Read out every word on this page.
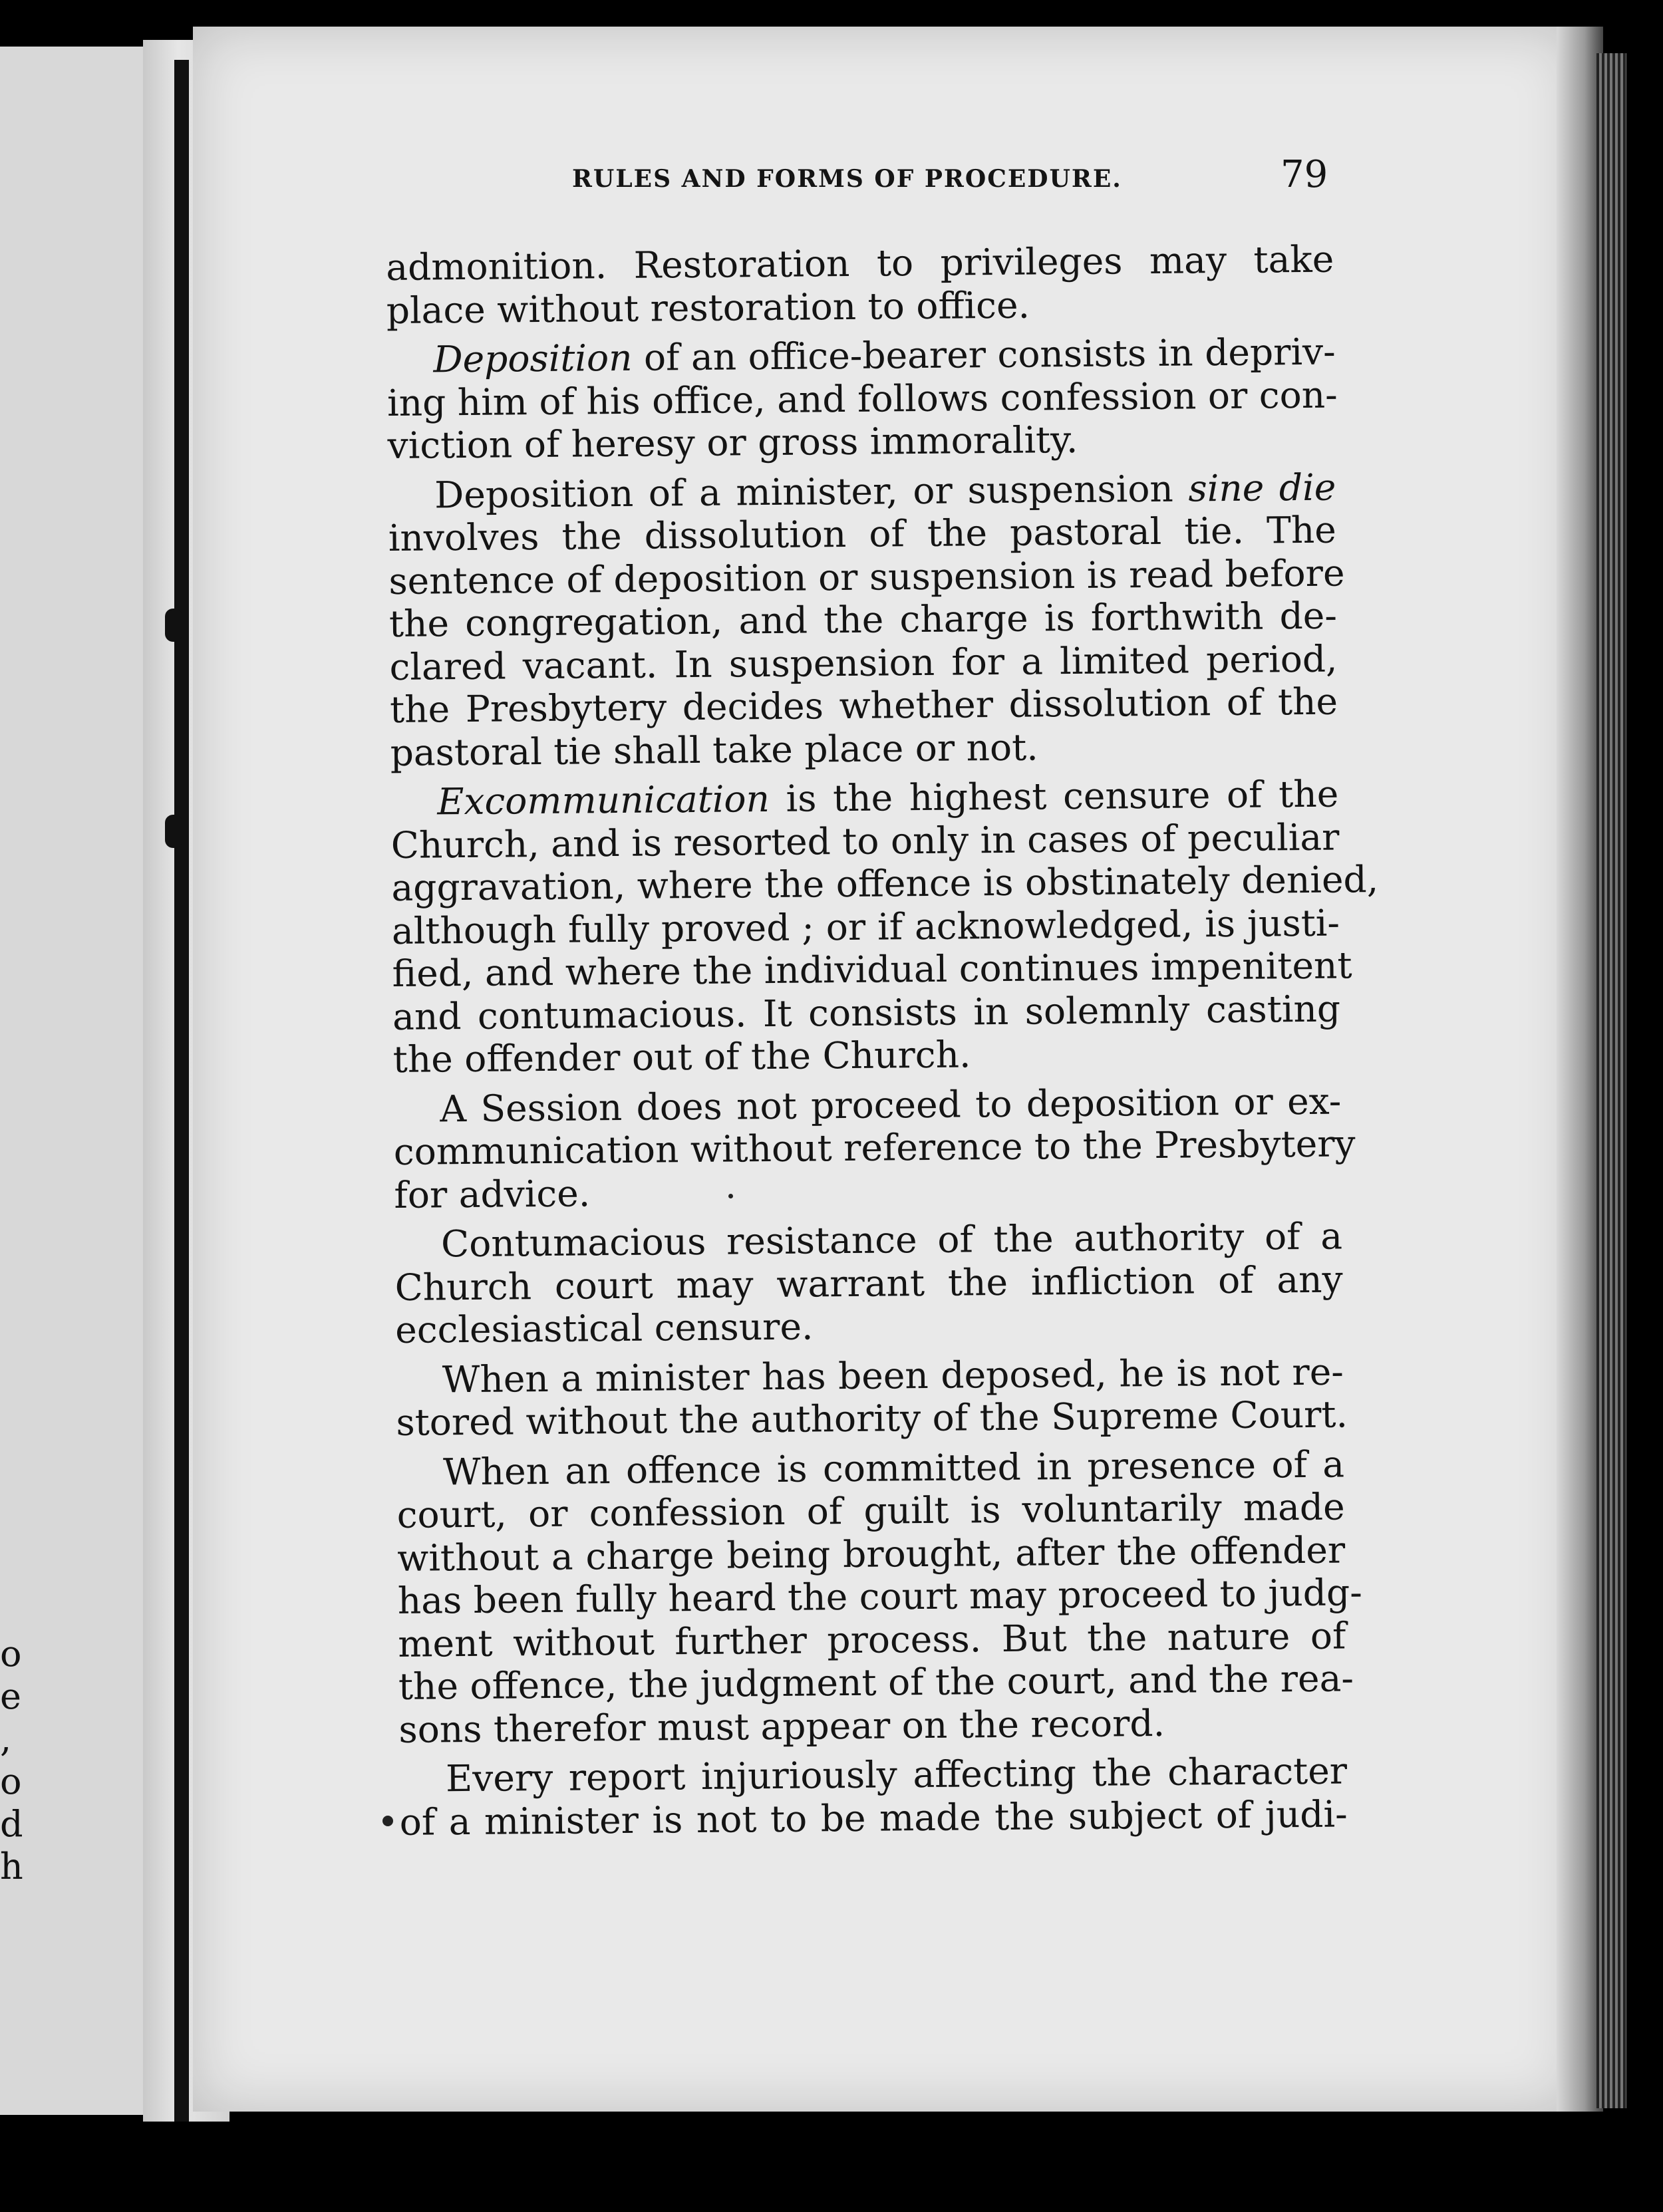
o
e
,
o
d
h
RULES AND FORMS OF PROCEDURE.	79
admonition. Restoration to privileges may take
place without restoration to office.
Deposition of an office-bearer consists in depriv-
ing him of his office, and follows confession or con-
viction of heresy or gross immorality.
Deposition of a minister, or suspension sine die
involves the dissolution of the pastoral tie. The
sentence of deposition or suspension is read before
the congregation, and the charge is forthwith de-
clared vacant. In suspension for a limited period,
the Presbytery decides whether dissolution of the
pastoral tie shall take place or not.
Excommunication is the highest censure of the
Church, and is resorted to only in cases of peculiar
aggravation, where the offence is obstinately denied,
although fully proved ; or if acknowledged, is justi-
fied, and where the individual continues impenitent
and contumacious. It consists in solemnly casting
the offender out of the Church.
A Session does not proceed to deposition or ex-
communication without reference to the Presbytery
for advice.
Contumacious resistance of the authority of a
Church court may warrant the infliction of any
ecclesiastical censure.
When a minister has been deposed, he is not re-
stored without the authority of the Supreme Court.
When an offence is committed in presence of a
court, or confession of guilt is voluntarily made
without a charge being brought, after the offender
has been fully heard the court may proceed to judg-
ment without further process. But the nature of
the offence, the judgment of the court, and the rea-
sons therefor must appear on the record.
Every report injuriously affecting the character
of a minister is not to be made the subject of judi-
